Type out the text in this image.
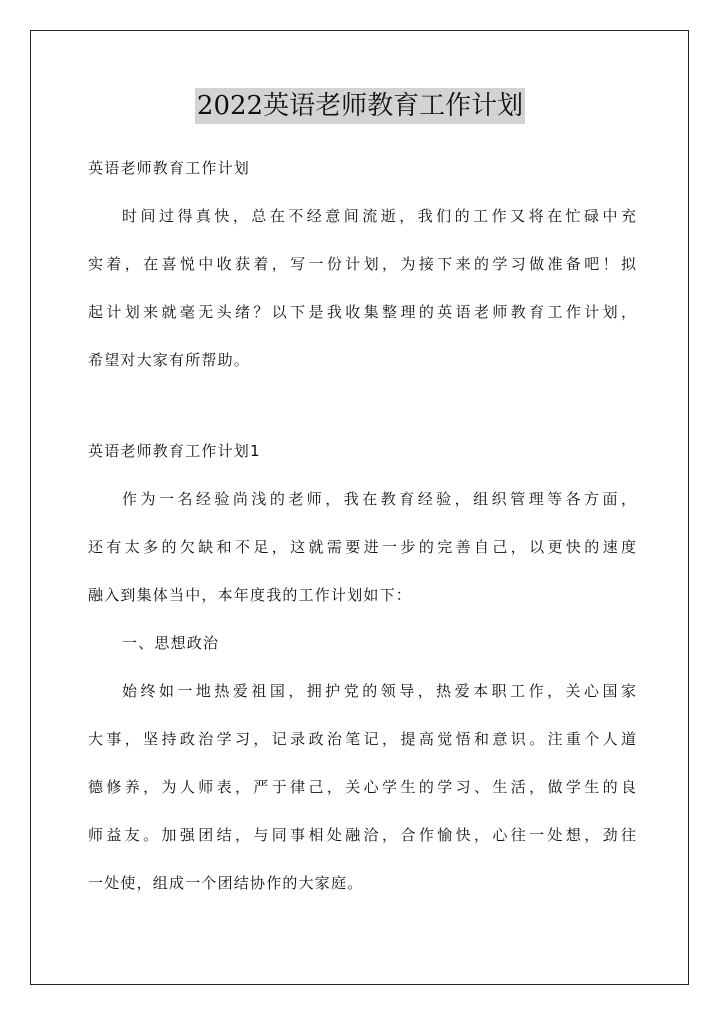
2022英语老师教育工作计划
英语老师教育工作计划
时间过得真快，总在不经意间流逝，我们的工作又将在忙碌中充
实着，在喜悦中收获着，写一份计划，为接下来的学习做准备吧！拟
起计划来就毫无头绪？以下是我收集整理的英语老师教育工作计划，
希望对大家有所帮助。
英语老师教育工作计划1
作为一名经验尚浅的老师，我在教育经验，组织管理等各方面，
还有太多的欠缺和不足，这就需要进一步的完善自己，以更快的速度
融入到集体当中，本年度我的工作计划如下：
一、思想政治
始终如一地热爱祖国，拥护党的领导，热爱本职工作，关心国家
大事，坚持政治学习，记录政治笔记，提高觉悟和意识。注重个人道
德修养，为人师表，严于律己，关心学生的学习、生活，做学生的良
师益友。加强团结，与同事相处融洽，合作愉快，心往一处想，劲往
一处使，组成一个团结协作的大家庭。
